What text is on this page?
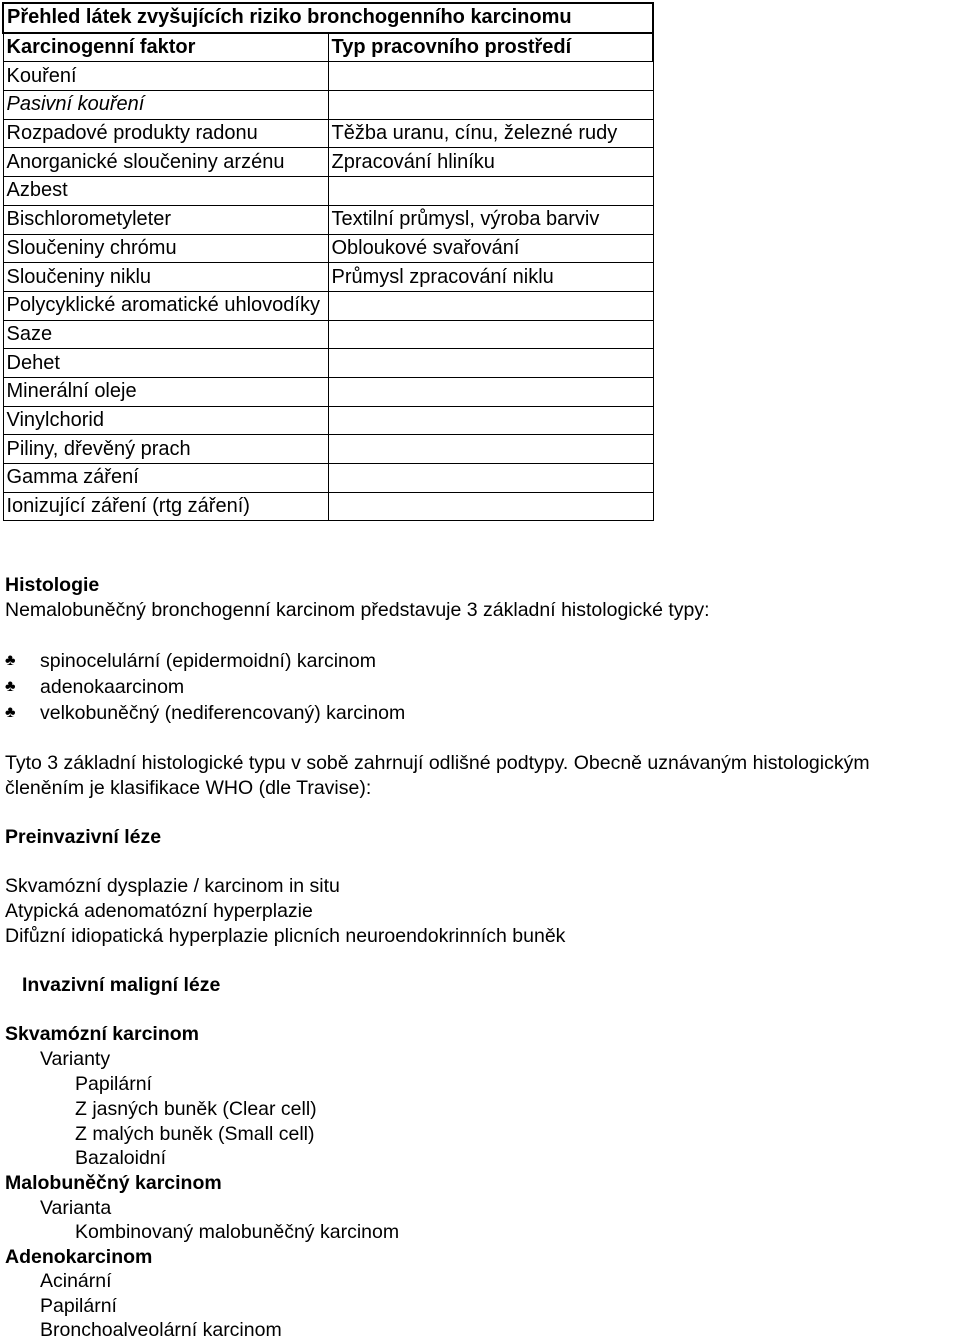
Přehled látek zvyšujících riziko bronchogenního karcinomu	
Karcinogenní faktor	Typ pracovního prostředí
Kouření	
Pasivní kouření	
Rozpadové produkty radonu	Těžba uranu, cínu, železné rudy
Anorganické sloučeniny arzénu	Zpracování hliníku
Azbest	
Bischlorometyleter	Textilní průmysl, výroba barviv
Sloučeniny chrómu	Obloukové svařování
Sloučeniny niklu	Průmysl zpracování niklu
Polycyklické aromatické uhlovodíky	
Saze	
Dehet	
Minerální oleje	
Vinylchorid	
Piliny, dřevěný prach	
Gamma záření	
Ionizující záření (rtg záření)	
Histologie
Nemalobuněčný bronchogenní karcinom představuje 3 základní histologické typy:
♣ spinocelulární (epidermoidní) karcinom
♣ adenokaarcinom
♣ velkobuněčný (nediferencovaný) karcinom
Tyto 3 základní histologické typu v sobě zahrnují odlišné podtypy. Obecně uznávaným histologickým
členěním je klasifikace WHO (dle Travise):
Preinvazivní léze
Skvamózní dysplazie / karcinom in situ
Atypická adenomatózní hyperplazie
Difůzní idiopatická hyperplazie plicních neuroendokrinních buněk
Invazivní maligní léze
Skvamózní karcinom
Varianty
Papilární
Z jasných buněk (Clear cell)
Z malých buněk (Small cell)
Bazaloidní
Malobuněčný karcinom
Varianta
Kombinovaný malobuněčný karcinom
Adenokarcinom
Acinární
Papilární
Bronchoalveolární karcinom
